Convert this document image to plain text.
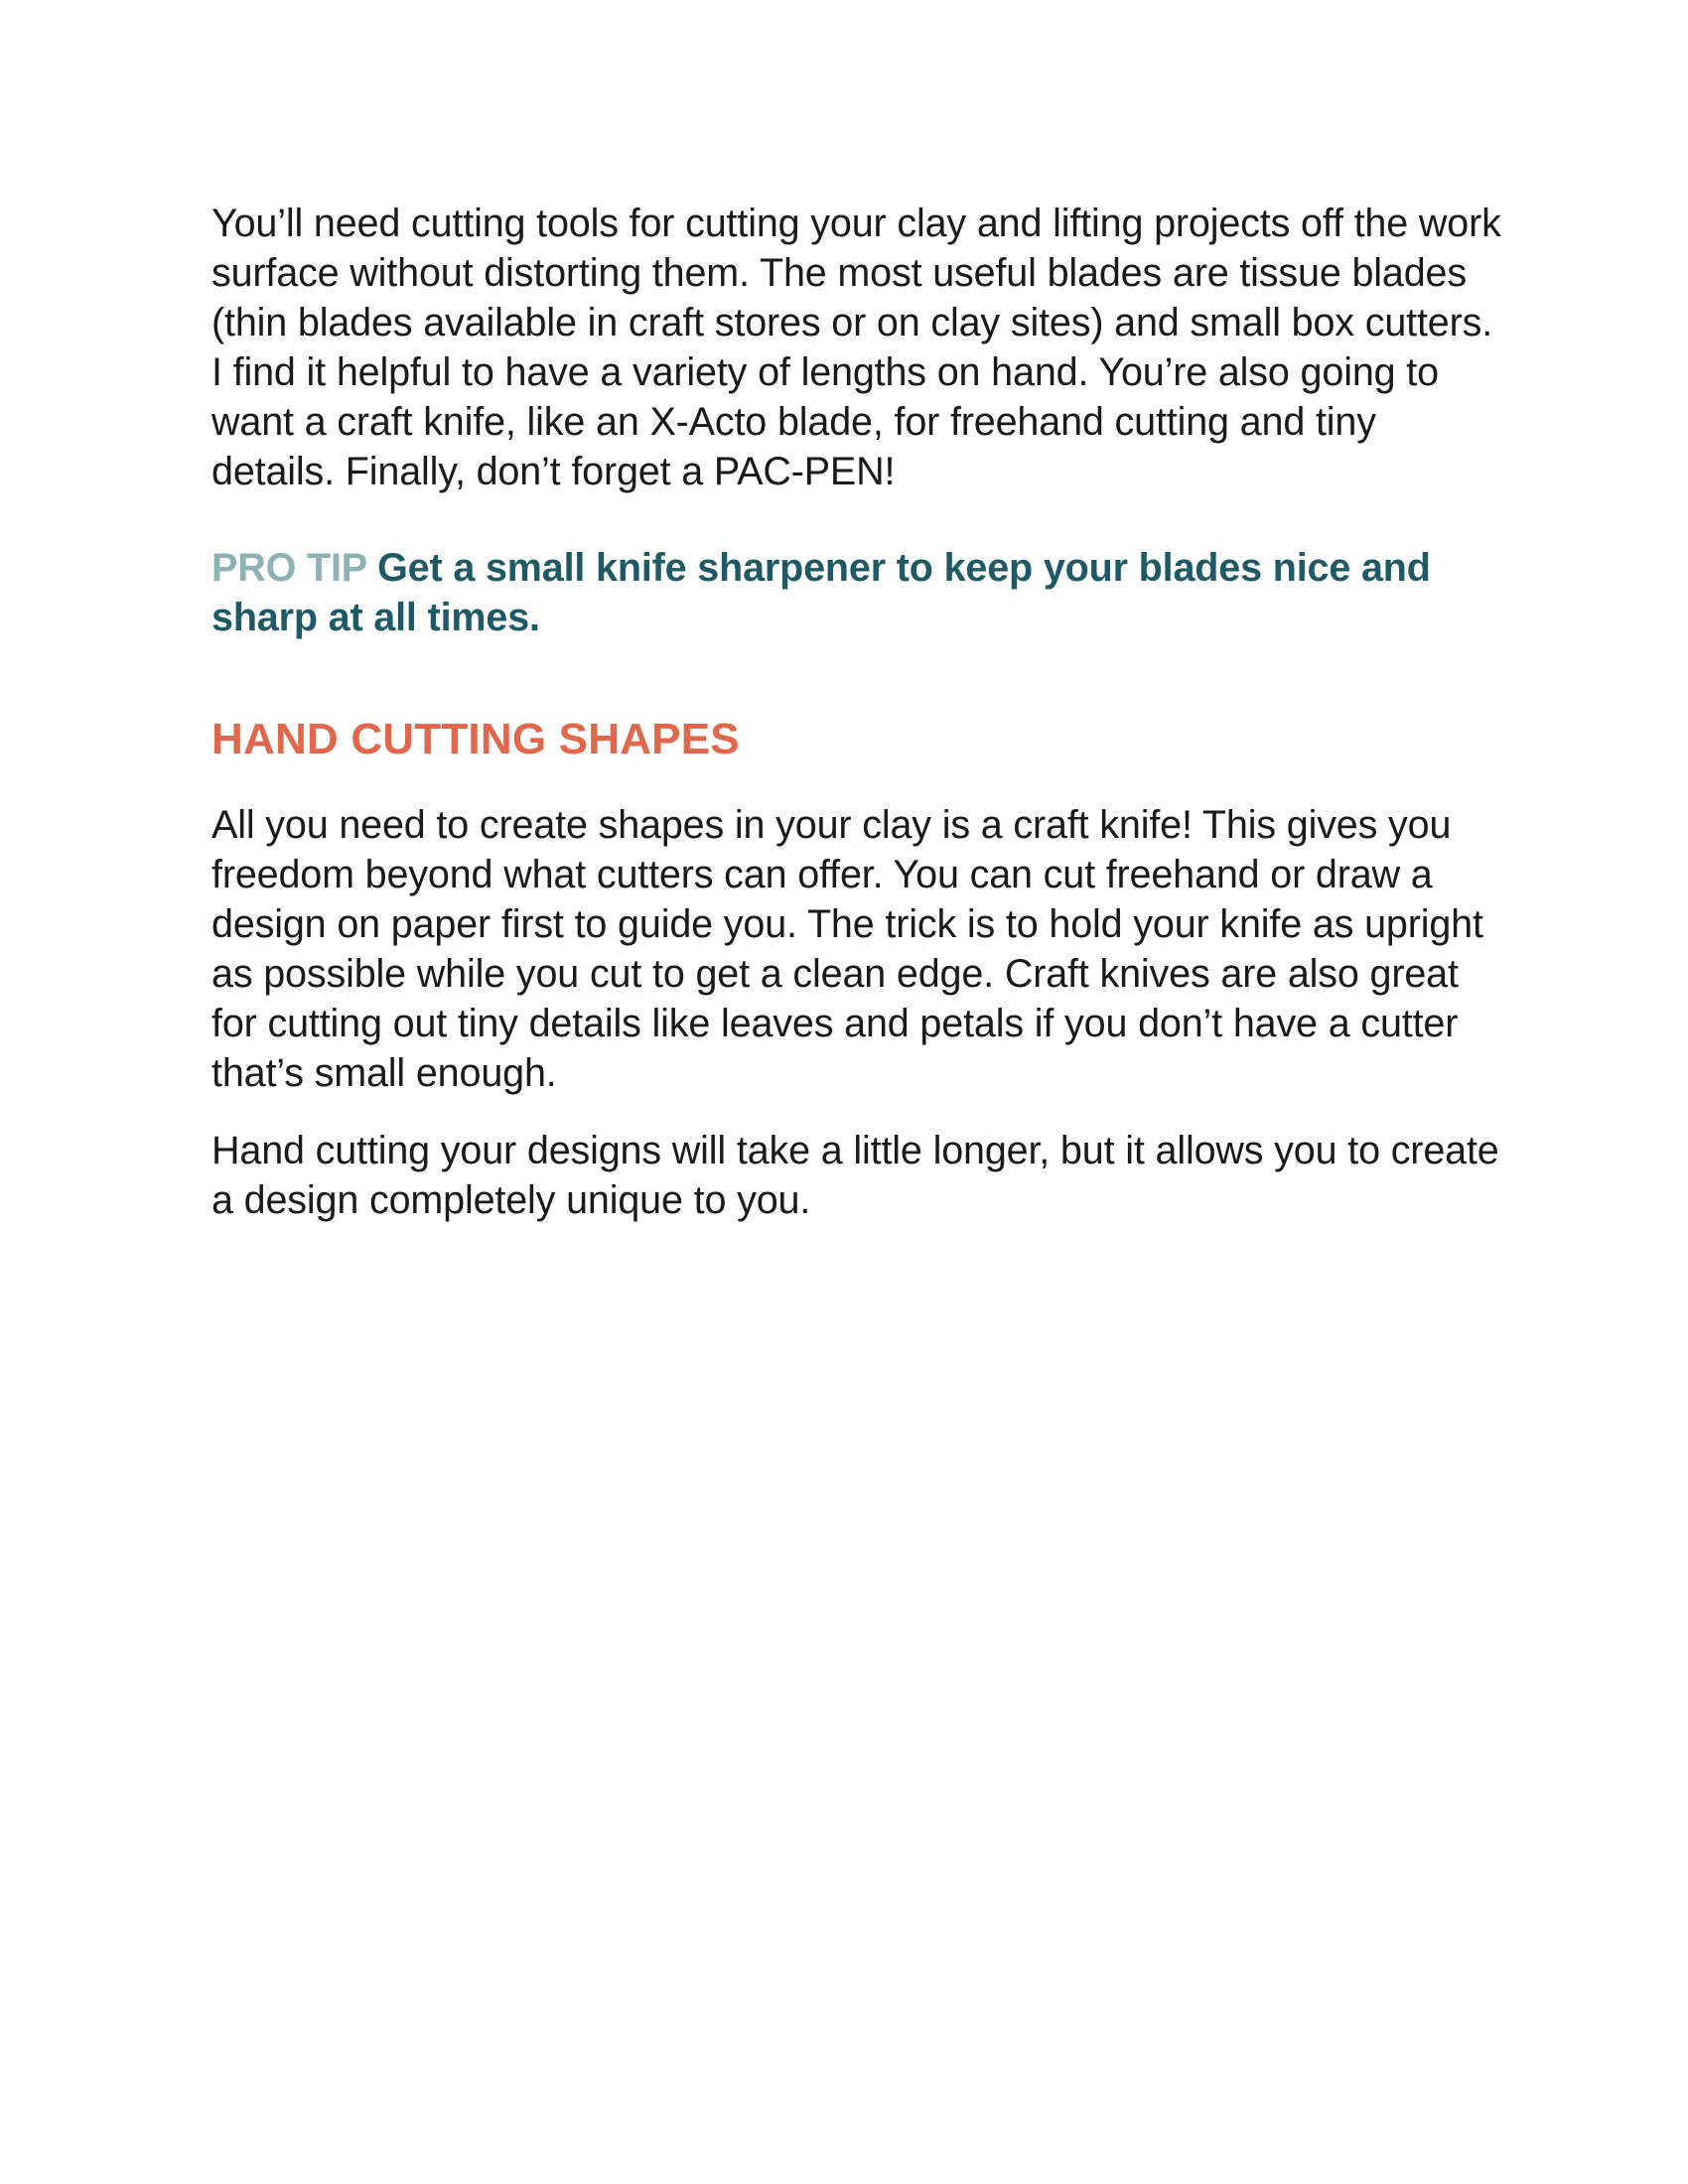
You’ll need cutting tools for cutting your clay and lifting projects off the work surface without distorting them. The most useful blades are tissue blades (thin blades available in craft stores or on clay sites) and small box cutters. I find it helpful to have a variety of lengths on hand. You’re also going to want a craft knife, like an X-Acto blade, for freehand cutting and tiny details. Finally, don’t forget a PAC-PEN!

PRO TIP Get a small knife sharpener to keep your blades nice and sharp at all times.

HAND CUTTING SHAPES

All you need to create shapes in your clay is a craft knife! This gives you freedom beyond what cutters can offer. You can cut freehand or draw a design on paper first to guide you. The trick is to hold your knife as upright as possible while you cut to get a clean edge. Craft knives are also great for cutting out tiny details like leaves and petals if you don’t have a cutter that’s small enough.

Hand cutting your designs will take a little longer, but it allows you to create a design completely unique to you.
